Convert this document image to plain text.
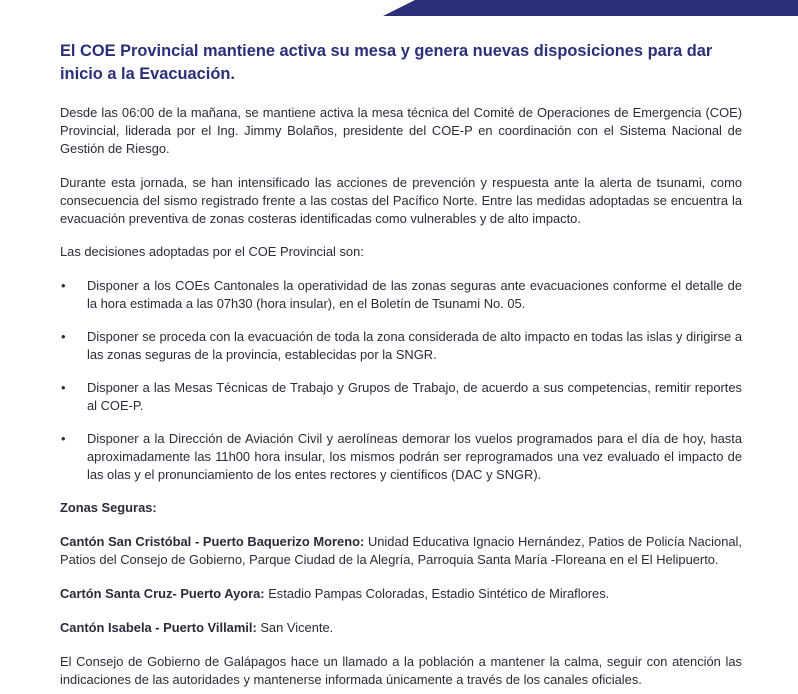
El COE Provincial mantiene activa su mesa y genera nuevas disposiciones para dar inicio a la Evacuación.

Desde las 06:00 de la mañana, se mantiene activa la mesa técnica del Comité de Operaciones de Emergencia (COE) Provincial, liderada por el Ing. Jimmy Bolaños, presidente del COE-P en coordinación con el Sistema Nacional de Gestión de Riesgo.

Durante esta jornada, se han intensificado las acciones de prevención y respuesta ante la alerta de tsunami, como consecuencia del sismo registrado frente a las costas del Pacífico Norte. Entre las medidas adoptadas se encuentra la evacuación preventiva de zonas costeras identificadas como vulnerables y de alto impacto.

Las decisiones adoptadas por el COE Provincial son:

• Disponer a los COEs Cantonales la operatividad de las zonas seguras ante evacuaciones conforme el detalle de la hora estimada a las 07h30 (hora insular), en el Boletín de Tsunami No. 05.
• Disponer se proceda con la evacuación de toda la zona considerada de alto impacto en todas las islas y dirigirse a las zonas seguras de la provincia, establecidas por la SNGR.
• Disponer a las Mesas Técnicas de Trabajo y Grupos de Trabajo, de acuerdo a sus competencias, remitir reportes al COE-P.
• Disponer a la Dirección de Aviación Civil y aerolíneas demorar los vuelos programados para el día de hoy, hasta aproximadamente las 11h00 hora insular, los mismos podrán ser reprogramados una vez evaluado el impacto de las olas y el pronunciamiento de los entes rectores y científicos (DAC y SNGR).

Zonas Seguras:

Cantón San Cristóbal - Puerto Baquerizo Moreno: Unidad Educativa Ignacio Hernández, Patios de Policía Nacional, Patios del Consejo de Gobierno, Parque Ciudad de la Alegría, Parroquia Santa María -Floreana en el El Helipuerto.

Cartón Santa Cruz- Puerto Ayora: Estadio Pampas Coloradas, Estadio Sintético de Miraflores.

Cantón Isabela - Puerto Villamil: San Vicente.

El Consejo de Gobierno de Galápagos hace un llamado a la población a mantener la calma, seguir con atención las indicaciones de las autoridades y mantenerse informada únicamente a través de los canales oficiales.
